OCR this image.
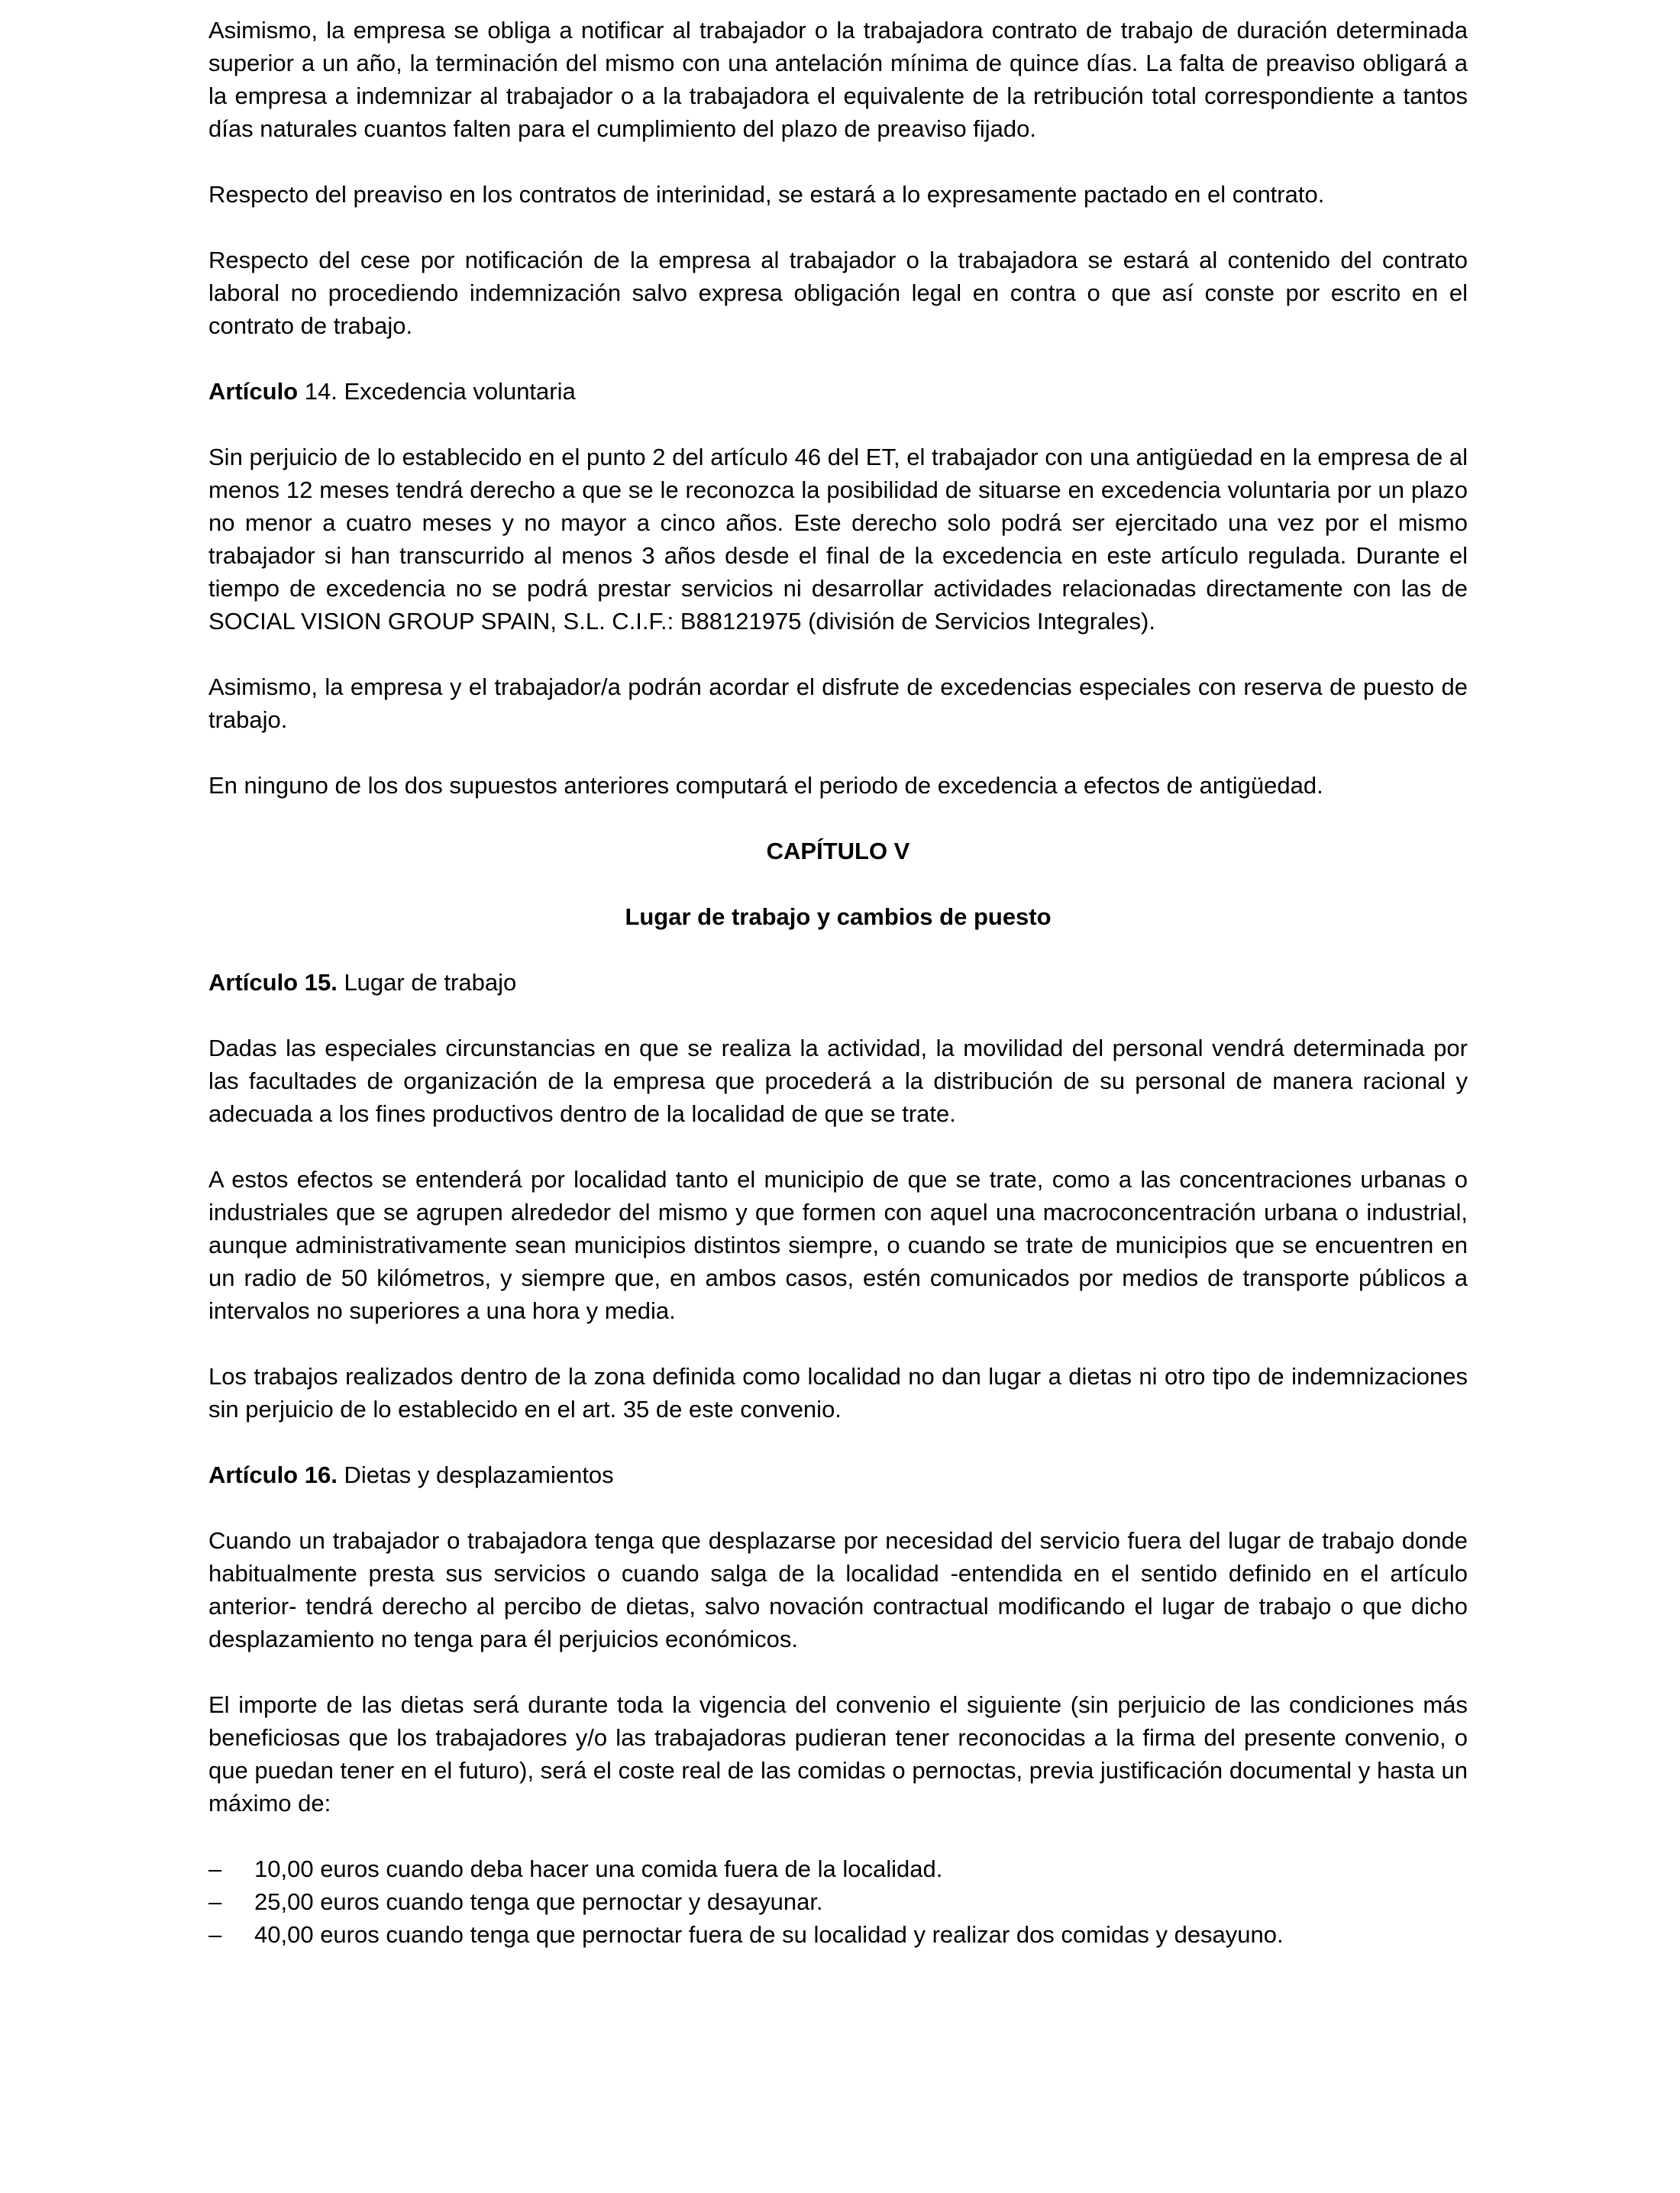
Asimismo, la empresa se obliga a notificar al trabajador o la trabajadora contrato de trabajo de duración determinada superior a un año, la terminación del mismo con una antelación mínima de quince días. La falta de preaviso obligará a la empresa a indemnizar al trabajador o a la trabajadora el equivalente de la retribución total correspondiente a tantos días naturales cuantos falten para el cumplimiento del plazo de preaviso fijado.

Respecto del preaviso en los contratos de interinidad, se estará a lo expresamente pactado en el contrato.

Respecto del cese por notificación de la empresa al trabajador o la trabajadora se estará al contenido del contrato laboral no procediendo indemnización salvo expresa obligación legal en contra o que así conste por escrito en el contrato de trabajo.

Artículo 14. Excedencia voluntaria

Sin perjuicio de lo establecido en el punto 2 del artículo 46 del ET, el trabajador con una antigüedad en la empresa de al menos 12 meses tendrá derecho a que se le reconozca la posibilidad de situarse en excedencia voluntaria por un plazo no menor a cuatro meses y no mayor a cinco años. Este derecho solo podrá ser ejercitado una vez por el mismo trabajador si han transcurrido al menos 3 años desde el final de la excedencia en este artículo regulada. Durante el tiempo de excedencia no se podrá prestar servicios ni desarrollar actividades relacionadas directamente con las de SOCIAL VISION GROUP SPAIN, S.L. C.I.F.: B88121975 (división de Servicios Integrales).

Asimismo, la empresa y el trabajador/a podrán acordar el disfrute de excedencias especiales con reserva de puesto de trabajo.

En ninguno de los dos supuestos anteriores computará el periodo de excedencia a efectos de antigüedad.

CAPÍTULO V

Lugar de trabajo y cambios de puesto

Artículo 15. Lugar de trabajo

Dadas las especiales circunstancias en que se realiza la actividad, la movilidad del personal vendrá determinada por las facultades de organización de la empresa que procederá a la distribución de su personal de manera racional y adecuada a los fines productivos dentro de la localidad de que se trate.

A estos efectos se entenderá por localidad tanto el municipio de que se trate, como a las concentraciones urbanas o industriales que se agrupen alrededor del mismo y que formen con aquel una macroconcentración urbana o industrial, aunque administrativamente sean municipios distintos siempre, o cuando se trate de municipios que se encuentren en un radio de 50 kilómetros, y siempre que, en ambos casos, estén comunicados por medios de transporte públicos a intervalos no superiores a una hora y media.

Los trabajos realizados dentro de la zona definida como localidad no dan lugar a dietas ni otro tipo de indemnizaciones sin perjuicio de lo establecido en el art. 35 de este convenio.

Artículo 16. Dietas y desplazamientos

Cuando un trabajador o trabajadora tenga que desplazarse por necesidad del servicio fuera del lugar de trabajo donde habitualmente presta sus servicios o cuando salga de la localidad -entendida en el sentido definido en el artículo anterior- tendrá derecho al percibo de dietas, salvo novación contractual modificando el lugar de trabajo o que dicho desplazamiento no tenga para él perjuicios económicos.

El importe de las dietas será durante toda la vigencia del convenio el siguiente (sin perjuicio de las condiciones más beneficiosas que los trabajadores y/o las trabajadoras pudieran tener reconocidas a la firma del presente convenio, o que puedan tener en el futuro), será el coste real de las comidas o pernoctas, previa justificación documental y hasta un máximo de:

–	10,00 euros cuando deba hacer una comida fuera de la localidad.
–	25,00 euros cuando tenga que pernoctar y desayunar.
–	40,00 euros cuando tenga que pernoctar fuera de su localidad y realizar dos comidas y desayuno.
